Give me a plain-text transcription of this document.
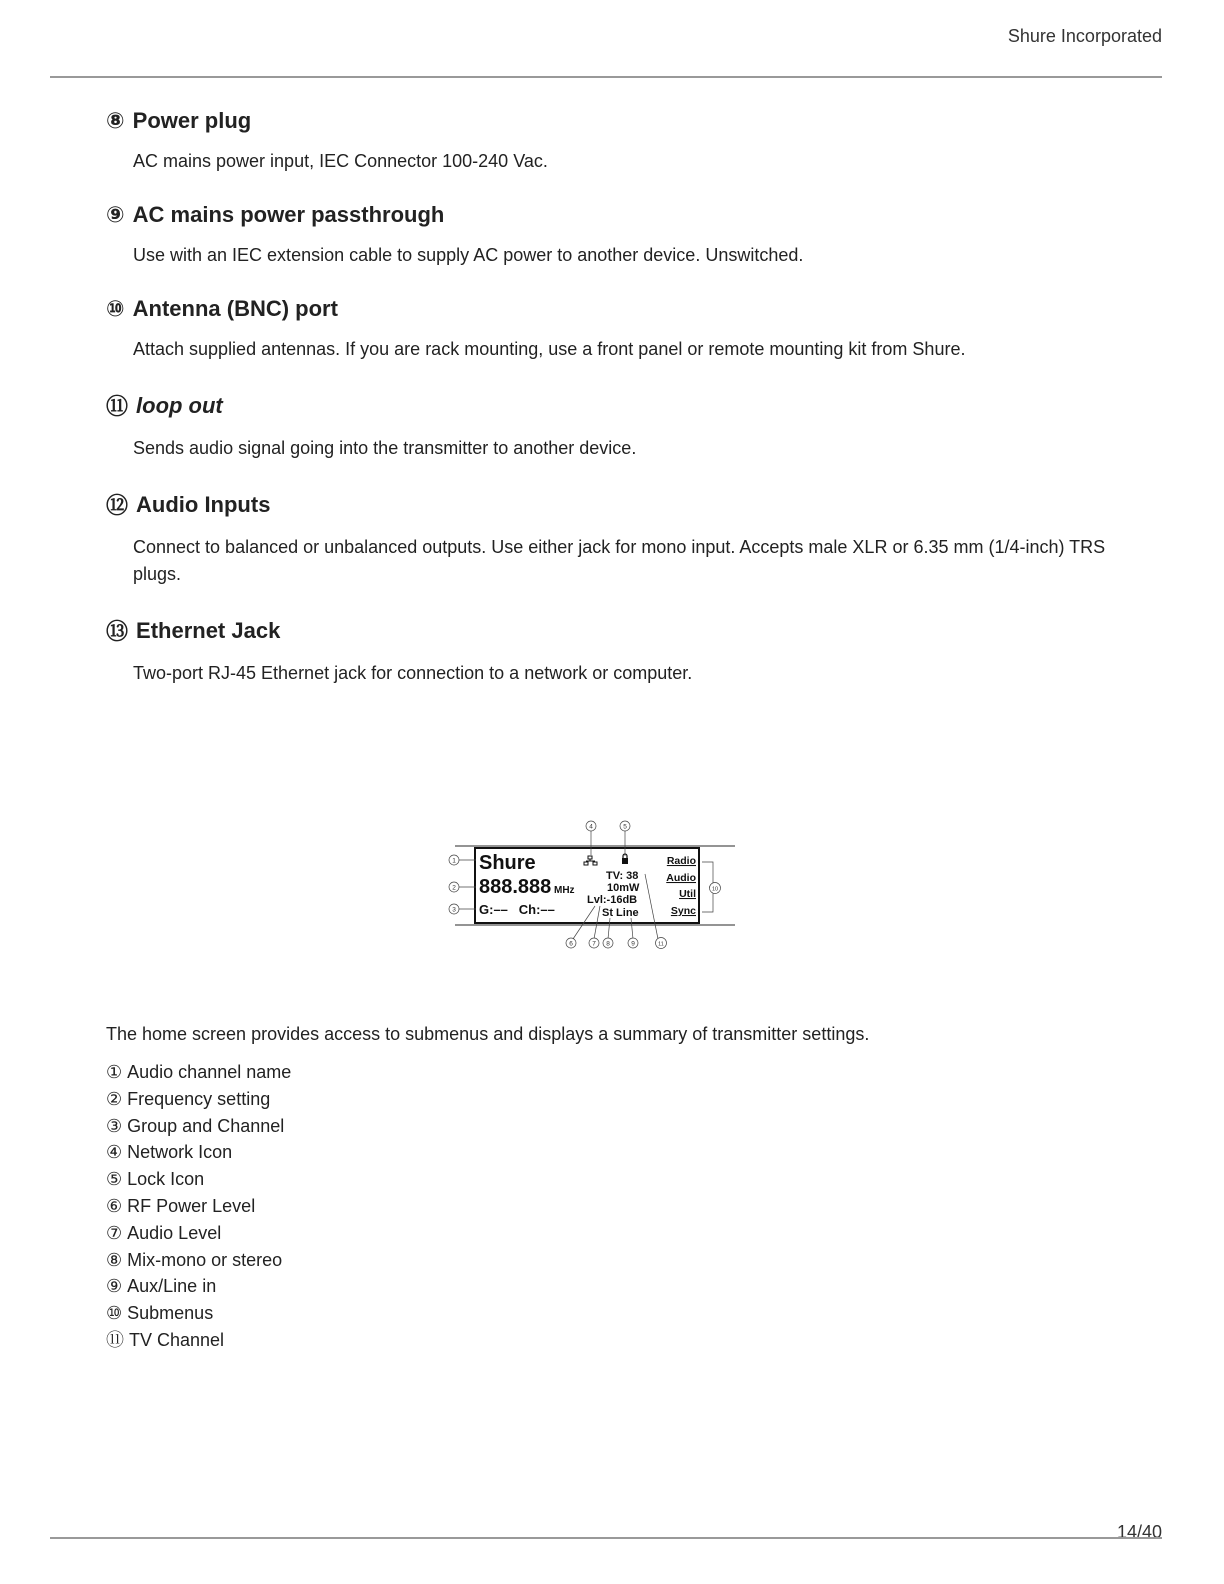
Shure Incorporated
⑧ Power plug
AC mains power input, IEC Connector 100-240 Vac.
⑨ AC mains power passthrough
Use with an IEC extension cable to supply AC power to another device. Unswitched.
⑩ Antenna (BNC) port
Attach supplied antennas. If you are rack mounting, use a front panel or remote mounting kit from Shure.
⑪ loop out
Sends audio signal going into the transmitter to another device.
⑫ Audio Inputs
Connect to balanced or unbalanced outputs. Use either jack for mono input. Accepts male XLR or 6.35 mm (1/4-inch) TRS plugs.
⑬ Ethernet Jack
Two-port RJ-45 Ethernet jack for connection to a network or computer.
Shure
888.888 MHz
G:––   Ch:––
TV: 38
10mW
Lvl:-16dB
St Line
Radio
Audio
Util
Sync
1
2
3
4	5
6	7 8	9	11
10
The home screen provides access to submenus and displays a summary of transmitter settings.
① Audio channel name
② Frequency setting
③ Group and Channel
④ Network Icon
⑤ Lock Icon
⑥ RF Power Level
⑦ Audio Level
⑧ Mix-mono or stereo
⑨ Aux/Line in
⑩ Submenus
⑪ TV Channel
14/40
